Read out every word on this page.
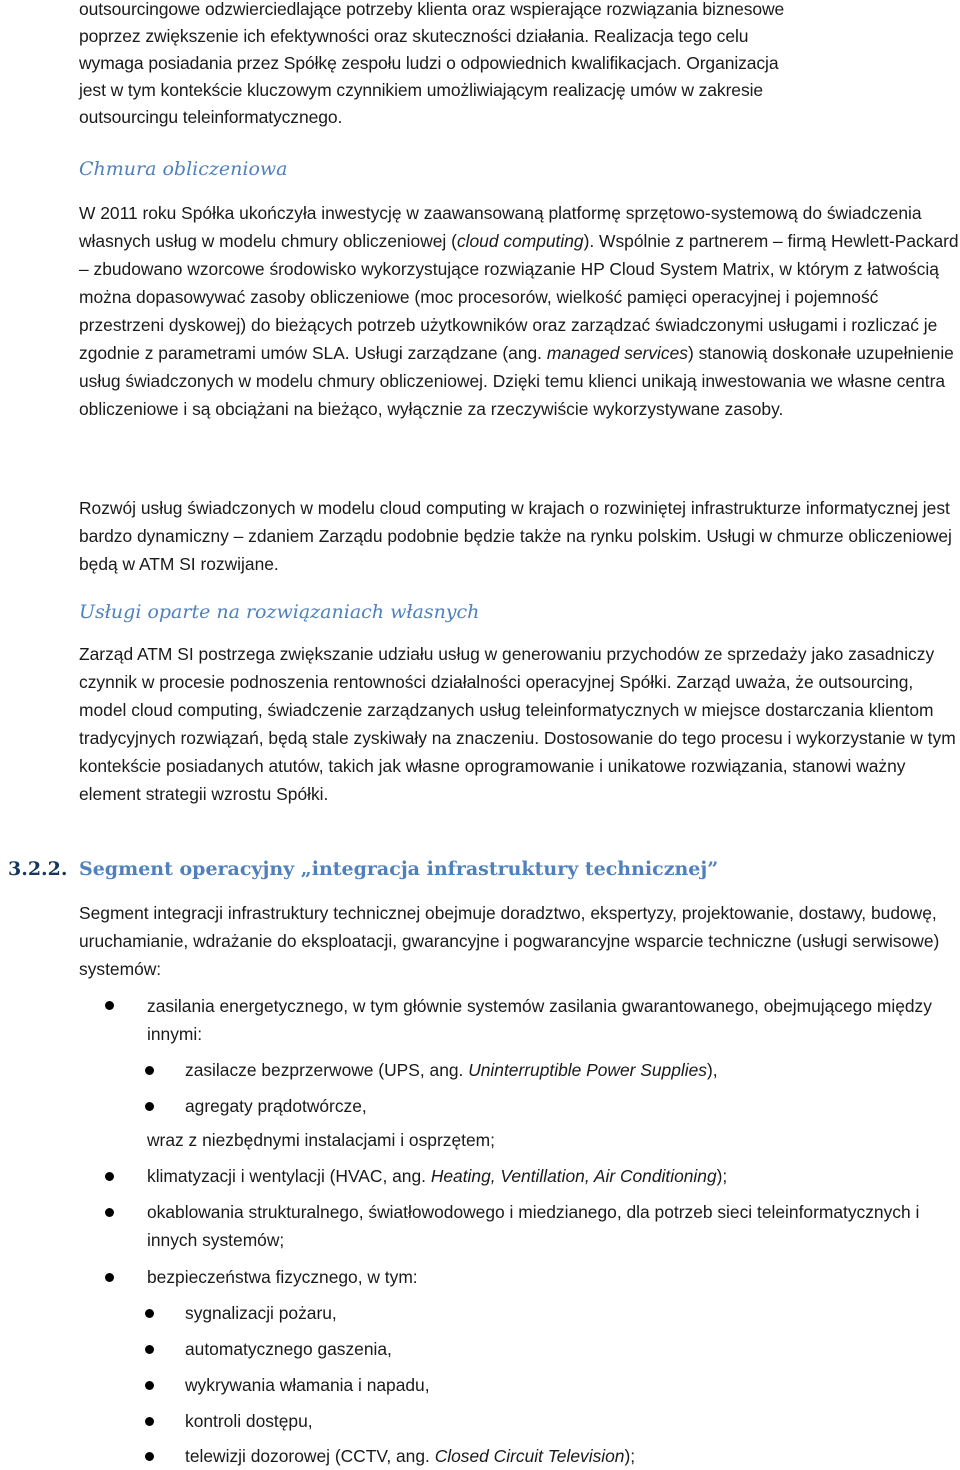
outsourcingowe odzwierciedlające potrzeby klienta oraz wspierające rozwiązania biznesowe
poprzez zwiększenie ich efektywności oraz skuteczności działania. Realizacja tego celu
wymaga posiadania przez Spółkę zespołu ludzi o odpowiednich kwalifikacjach. Organizacja
jest w tym kontekście kluczowym czynnikiem umożliwiającym realizację umów w zakresie
outsourcingu teleinformatycznego.

Chmura obliczeniowa

W 2011 roku Spółka ukończyła inwestycję w zaawansowaną platformę sprzętowo-systemową do świadczenia własnych usług w modelu chmury obliczeniowej (cloud computing). Wspólnie z partnerem – firmą Hewlett-Packard – zbudowano wzorcowe środowisko wykorzystujące rozwiązanie HP Cloud System Matrix, w którym z łatwością można dopasowywać zasoby obliczeniowe (moc procesorów, wielkość pamięci operacyjnej i pojemność przestrzeni dyskowej) do bieżących potrzeb użytkowników oraz zarządzać świadczonymi usługami i rozliczać je zgodnie z parametrami umów SLA. Usługi zarządzane (ang. managed services) stanowią doskonałe uzupełnienie usług świadczonych w modelu chmury obliczeniowej. Dzięki temu klienci unikają inwestowania we własne centra obliczeniowe i są obciążani na bieżąco, wyłącznie za rzeczywiście wykorzystywane zasoby.

Rozwój usług świadczonych w modelu cloud computing w krajach o rozwiniętej infrastrukturze informatycznej jest bardzo dynamiczny – zdaniem Zarządu podobnie będzie także na rynku polskim. Usługi w chmurze obliczeniowej będą w ATM SI rozwijane.

Usługi oparte na rozwiązaniach własnych

Zarząd ATM SI postrzega zwiększanie udziału usług w generowaniu przychodów ze sprzedaży jako zasadniczy czynnik w procesie podnoszenia rentowności działalności operacyjnej Spółki. Zarząd uważa, że outsourcing, model cloud computing, świadczenie zarządzanych usług teleinformatycznych w miejsce dostarczania klientom tradycyjnych rozwiązań, będą stale zyskiwały na znaczeniu. Dostosowanie do tego procesu i wykorzystanie w tym kontekście posiadanych atutów, takich jak własne oprogramowanie i unikatowe rozwiązania, stanowi ważny element strategii wzrostu Spółki.

3.2.2. Segment operacyjny „integracja infrastruktury technicznej”

Segment integracji infrastruktury technicznej obejmuje doradztwo, ekspertyzy, projektowanie, dostawy, budowę, uruchamianie, wdrażanie do eksploatacji, gwarancyjne i pogwarancyjne wsparcie techniczne (usługi serwisowe) systemów:

zasilania energetycznego, w tym głównie systemów zasilania gwarantowanego, obejmującego między innymi:

zasilacze bezprzerwowe (UPS, ang. Uninterruptible Power Supplies),

agregaty prądotwórcze,

wraz z niezbędnymi instalacjami i osprzętem;

klimatyzacji i wentylacji (HVAC, ang. Heating, Ventillation, Air Conditioning);

okablowania strukturalnego, światłowodowego i miedzianego, dla potrzeb sieci teleinformatycznych i innych systemów;

bezpieczeństwa fizycznego, w tym:

sygnalizacji pożaru,

automatycznego gaszenia,

wykrywania włamania i napadu,

kontroli dostępu,

telewizji dozorowej (CCTV, ang. Closed Circuit Television);
